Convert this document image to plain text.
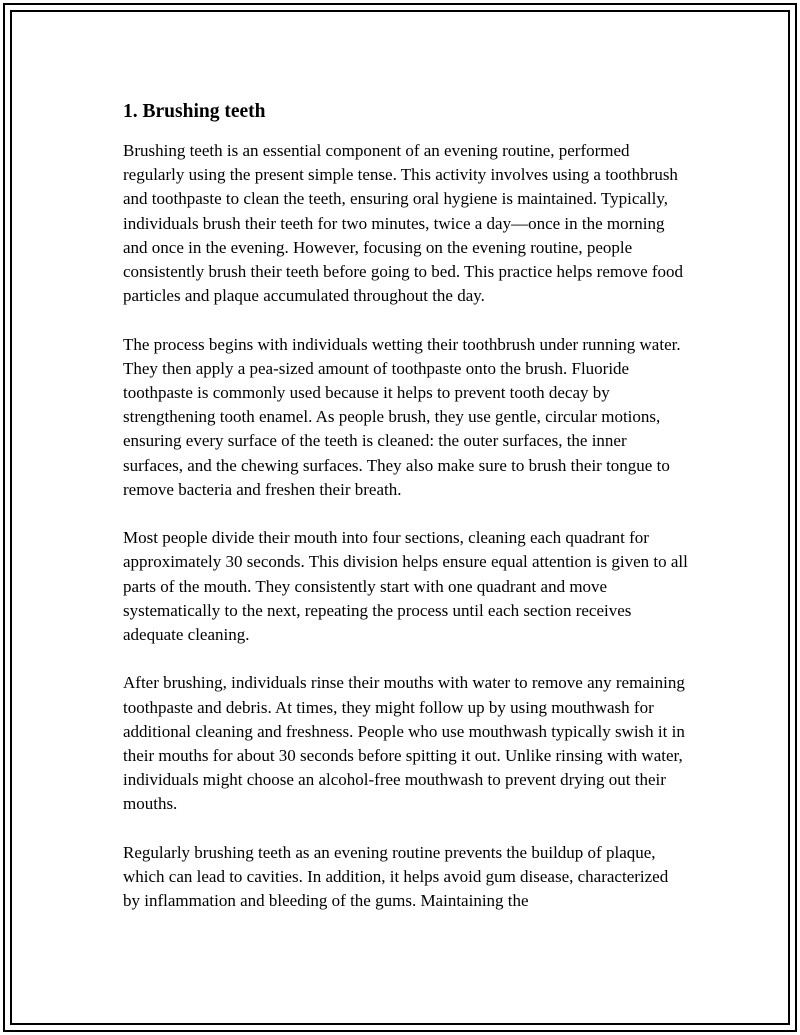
1. Brushing teeth

Brushing teeth is an essential component of an evening routine, performed regularly using the present simple tense. This activity involves using a toothbrush and toothpaste to clean the teeth, ensuring oral hygiene is maintained. Typically, individuals brush their teeth for two minutes, twice a day—once in the morning and once in the evening. However, focusing on the evening routine, people consistently brush their teeth before going to bed. This practice helps remove food particles and plaque accumulated throughout the day.

The process begins with individuals wetting their toothbrush under running water. They then apply a pea-sized amount of toothpaste onto the brush. Fluoride toothpaste is commonly used because it helps to prevent tooth decay by strengthening tooth enamel. As people brush, they use gentle, circular motions, ensuring every surface of the teeth is cleaned: the outer surfaces, the inner surfaces, and the chewing surfaces. They also make sure to brush their tongue to remove bacteria and freshen their breath.

Most people divide their mouth into four sections, cleaning each quadrant for approximately 30 seconds. This division helps ensure equal attention is given to all parts of the mouth. They consistently start with one quadrant and move systematically to the next, repeating the process until each section receives adequate cleaning.

After brushing, individuals rinse their mouths with water to remove any remaining toothpaste and debris. At times, they might follow up by using mouthwash for additional cleaning and freshness. People who use mouthwash typically swish it in their mouths for about 30 seconds before spitting it out. Unlike rinsing with water, individuals might choose an alcohol-free mouthwash to prevent drying out their mouths.

Regularly brushing teeth as an evening routine prevents the buildup of plaque, which can lead to cavities. In addition, it helps avoid gum disease, characterized by inflammation and bleeding of the gums. Maintaining the
